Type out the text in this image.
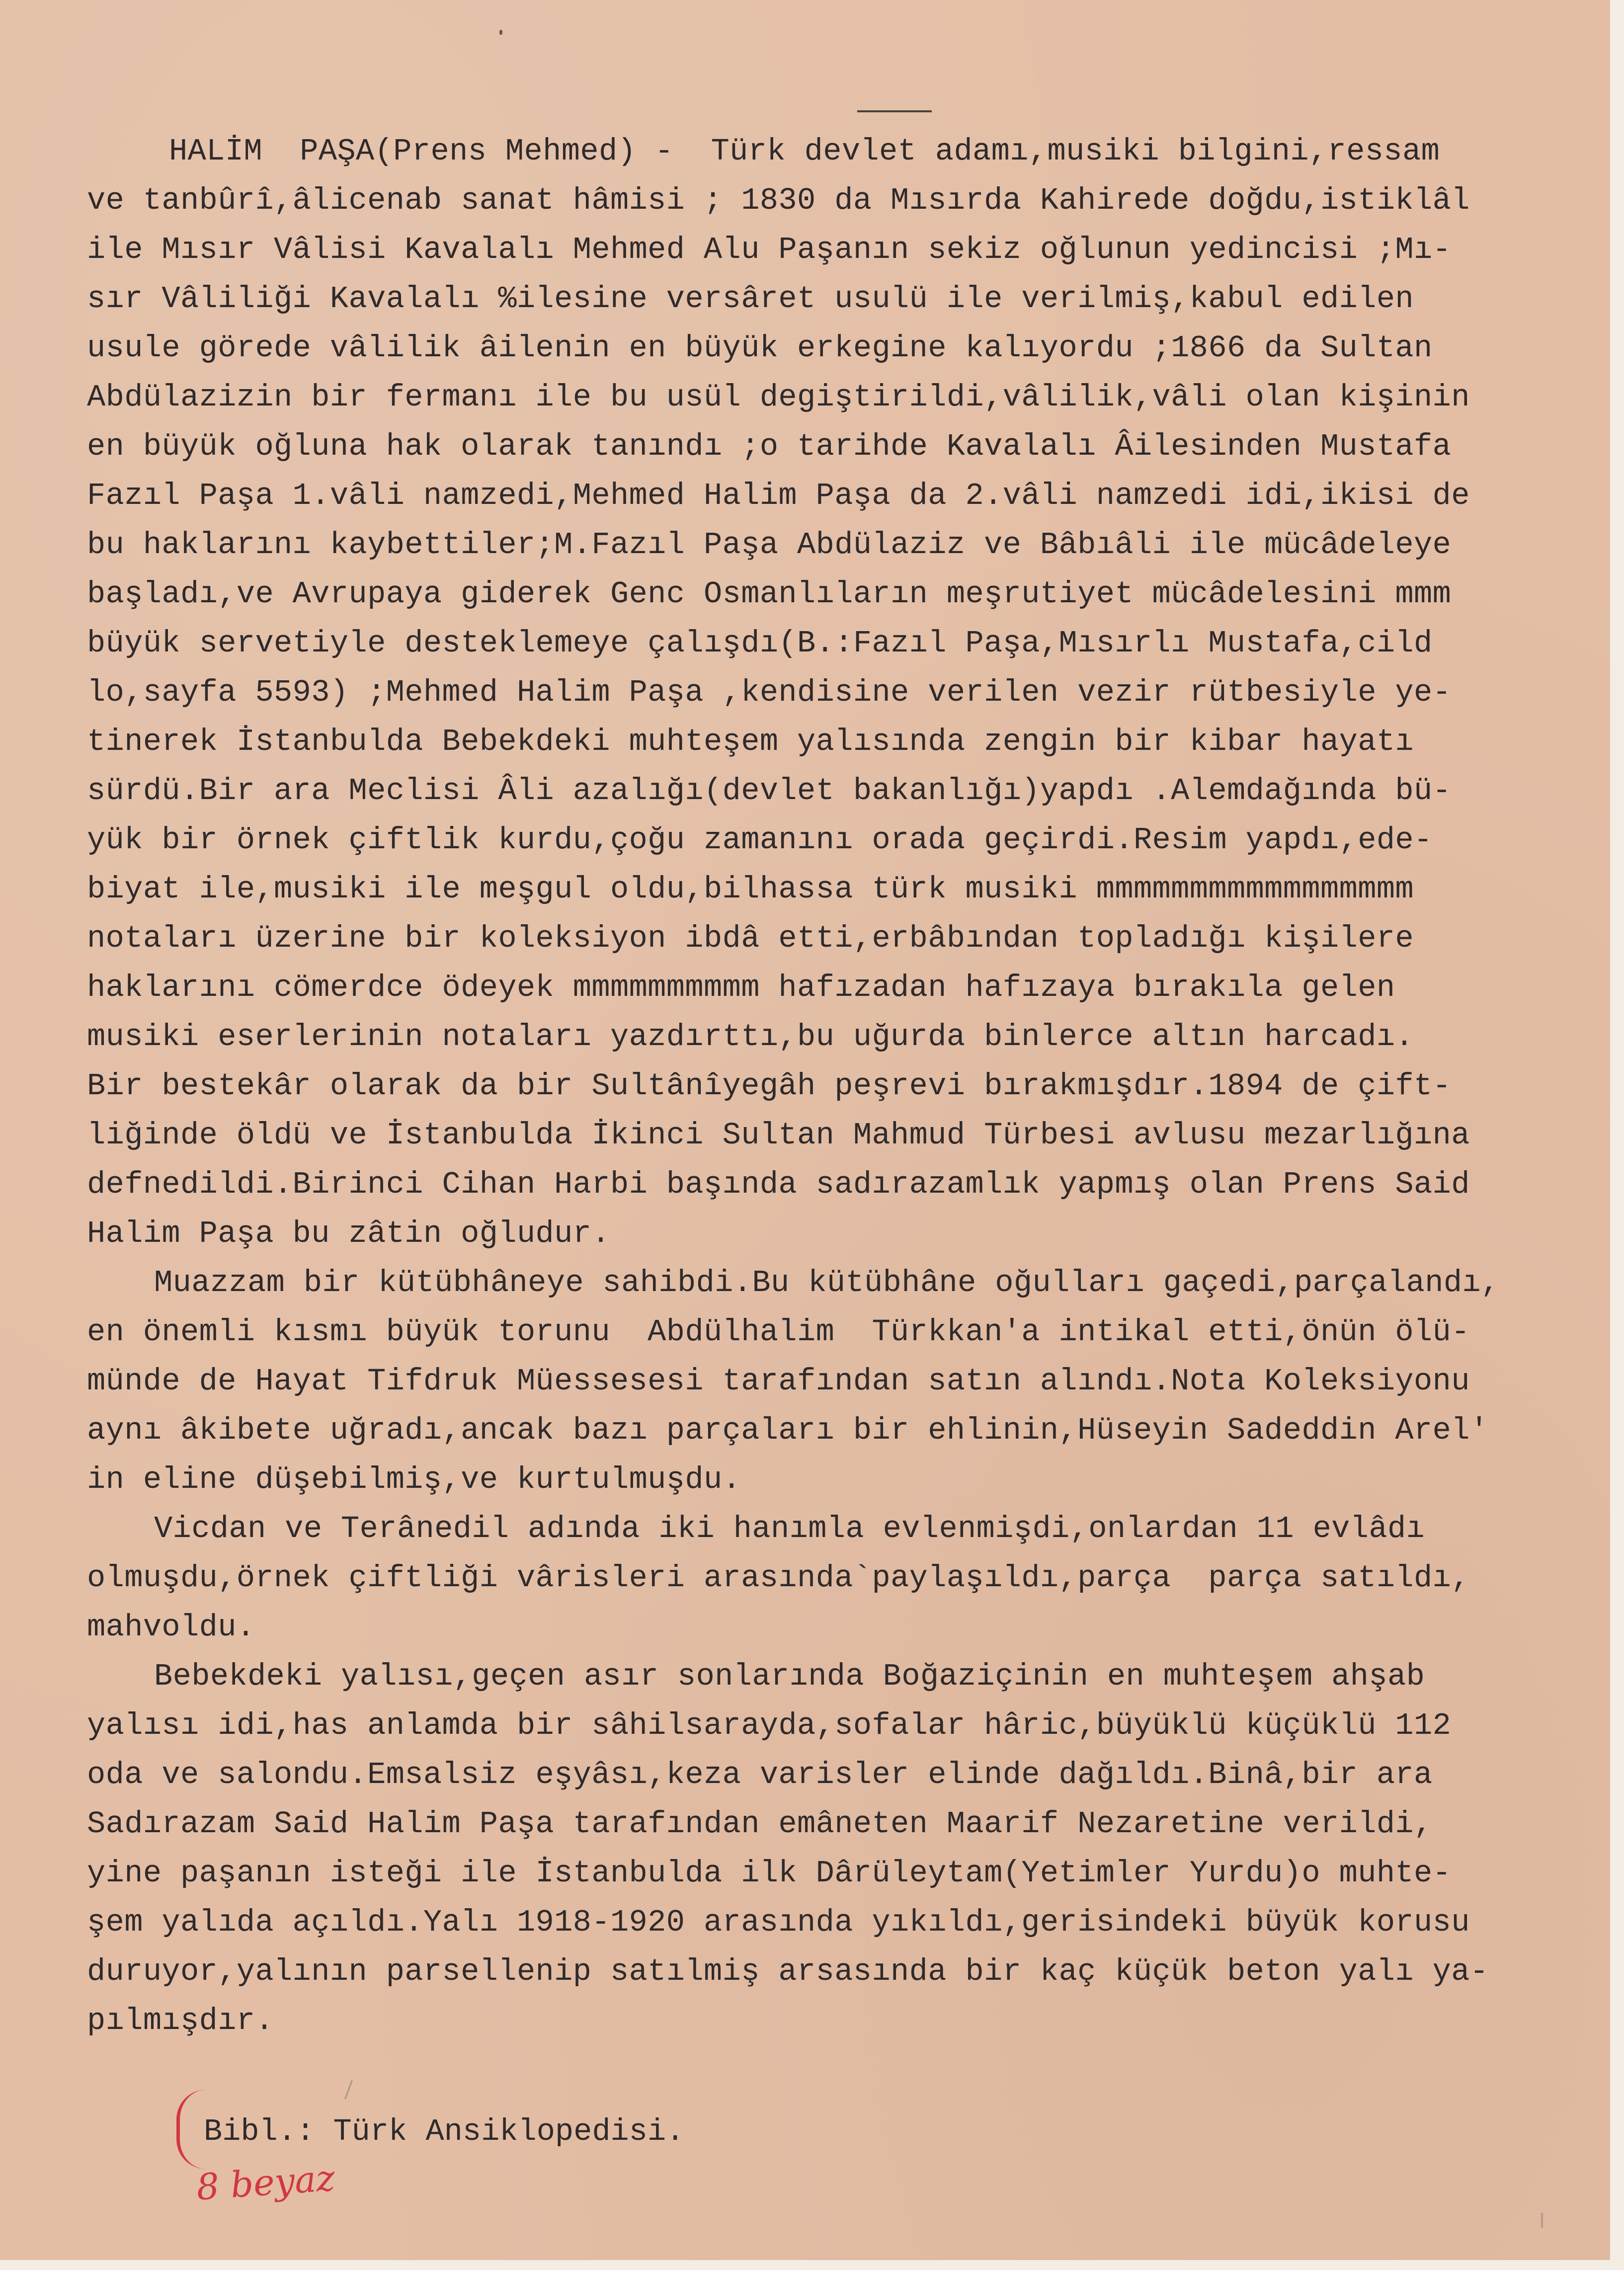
HALİM  PAŞA(Prens Mehmed) -  Türk devlet adamı,musiki bilgini,ressam
ve tanbûrî,âlicenab sanat hâmisi ; 1830 da Mısırda Kahirede doğdu,istiklâl
ile Mısır Vâlisi Kavalalı Mehmed Alu Paşanın sekiz oğlunun yedincisi ;Mı-
sır Vâliliği Kavalalı %ilesine versâret usulü ile verilmiş,kabul edilen
usule görede vâlilik âilenin en büyük erkegine kalıyordu ;1866 da Sultan
Abdülazizin bir fermanı ile bu usül degiştirildi,vâlilik,vâli olan kişinin
en büyük oğluna hak olarak tanındı ;o tarihde Kavalalı Âilesinden Mustafa
Fazıl Paşa 1.vâli namzedi,Mehmed Halim Paşa da 2.vâli namzedi idi,ikisi de
bu haklarını kaybettiler;M.Fazıl Paşa Abdülaziz ve Bâbıâli ile mücâdeleye
başladı,ve Avrupaya giderek Genc Osmanlıların meşrutiyet mücâdelesini mmm
büyük servetiyle desteklemeye çalışdı(B.:Fazıl Paşa,Mısırlı Mustafa,cild
lo,sayfa 5593) ;Mehmed Halim Paşa ,kendisine verilen vezir rütbesiyle ye-
tinerek İstanbulda Bebekdeki muhteşem yalısında zengin bir kibar hayatı
sürdü.Bir ara Meclisi Âli azalığı(devlet bakanlığı)yapdı .Alemdağında bü-
yük bir örnek çiftlik kurdu,çoğu zamanını orada geçirdi.Resim yapdı,ede-
biyat ile,musiki ile meşgul oldu,bilhassa türk musiki mmmmmmmmmmmmmmmmm
notaları üzerine bir koleksiyon ibdâ etti,erbâbından topladığı kişilere
haklarını cömerdce ödeyek mmmmmmmmmm hafızadan hafızaya bırakıla gelen
musiki eserlerinin notaları yazdırttı,bu uğurda binlerce altın harcadı.
Bir bestekâr olarak da bir Sultânîyegâh peşrevi bırakmışdır.1894 de çift-
liğinde öldü ve İstanbulda İkinci Sultan Mahmud Türbesi avlusu mezarlığına
defnedildi.Birinci Cihan Harbi başında sadırazamlık yapmış olan Prens Said
Halim Paşa bu zâtin oğludur.
Muazzam bir kütübhâneye sahibdi.Bu kütübhâne oğulları gaçedi,parçalandı,
en önemli kısmı büyük torunu  Abdülhalim  Türkkan'a intikal etti,önün ölü-
münde de Hayat Tifdruk Müessesesi tarafından satın alındı.Nota Koleksiyonu
aynı âkibete uğradı,ancak bazı parçaları bir ehlinin,Hüseyin Sadeddin Arel'
in eline düşebilmiş,ve kurtulmuşdu.
Vicdan ve Terânedil adında iki hanımla evlenmişdi,onlardan 11 evlâdı
olmuşdu,örnek çiftliği vârisleri arasında`paylaşıldı,parça  parça satıldı,
mahvoldu.
Bebekdeki yalısı,geçen asır sonlarında Boğaziçinin en muhteşem ahşab
yalısı idi,has anlamda bir sâhilsarayda,sofalar hâric,büyüklü küçüklü 112
oda ve salondu.Emsalsiz eşyâsı,keza varisler elinde dağıldı.Binâ,bir ara
Sadırazam Said Halim Paşa tarafından emâneten Maarif Nezaretine verildi,
yine paşanın isteği ile İstanbulda ilk Dârüleytam(Yetimler Yurdu)o muhte-
şem yalıda açıldı.Yalı 1918-1920 arasında yıkıldı,gerisindeki büyük korusu
duruyor,yalının parsellenip satılmiş arsasında bir kaç küçük beton yalı ya-
pılmışdır.
Bibl.: Türk Ansiklopedisi.
8 beyaz
